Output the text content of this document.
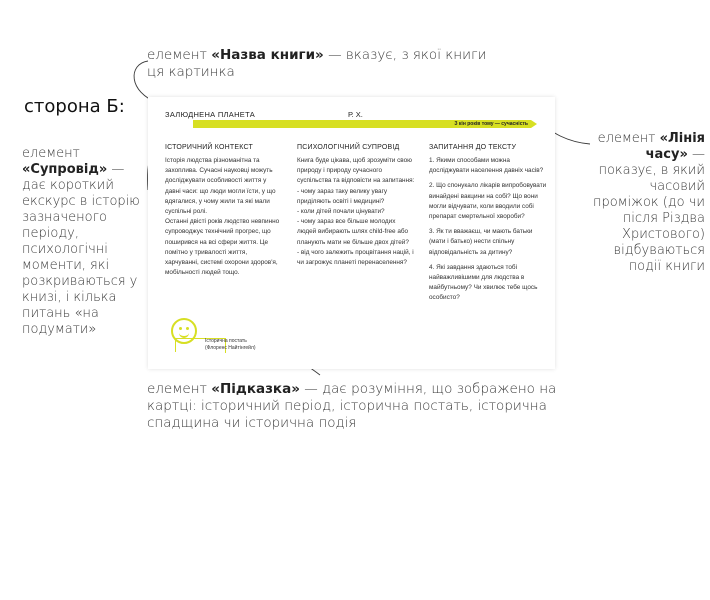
елемент «Назва книги» — вказує, з якої книги ця картинка
сторона Б:
елемент «Супровід» — дає короткий екскурс в історію зазначеного періоду, психологічні моменти, які розкриваються у книзі, і кілька питань «на подумати»
елемент «Лінія часу» — показує, в який часовий проміжок (до чи після Різдва Христового) відбуваються події книги
елемент «Підказка» — дає розуміння, що зображено на картці: історичний період, історична постать, історична спадщина чи історична подія
ЗАЛЮДНЕНА ПЛАНЕТА	Р. Х.
З кін років тому — сучасність
ІСТОРИЧНИЙ КОНТЕКСТ
Історія людства різноманітна та захоплива. Сучасні науковці можуть досліджувати особливості життя у давні часи: що люди могли їсти, у що вдягалися, у чому жили та які мали суспільні ролі.
Останні двісті років людство невпинно супроводжує технічний прогрес, що поширився на всі сфери життя. Це помітно у тривалості життя, харчуванні, системі охорони здоров'я, мобільності людей тощо.
ПСИХОЛОГІЧНИЙ СУПРОВІД
Книга буде цікава, щоб зрозуміти свою природу і природу сучасного суспільства та відповісти на запитання:
- чому зараз таку велику увагу приділяють освіті і медицині?
- коли дітей почали цінувати?
- чому зараз все більше молодих людей вибирають шлях child-free або планують мати не більше двох дітей?
- від чого залежить процвітання націй, і чи загрожує планеті перенаселення?
ЗАПИТАННЯ ДО ТЕКСТУ
1. Якими способами можна досліджувати населення давніх часів?
2. Що спонукало лікарів випробовувати винайдені вакцини на собі? Що вони могли відчувати, коли вводили собі препарат смертельної хвороби?
3. Як ти вважаєш, чи мають батьки (мати і батько) нести спільну відповідальність за дитину?
4. Які завдання здаються тобі найважливішими для людства в майбутньому? Чи хвилює тебе щось особисто?
Історична постать
(Флоренс Найтінгейл)
